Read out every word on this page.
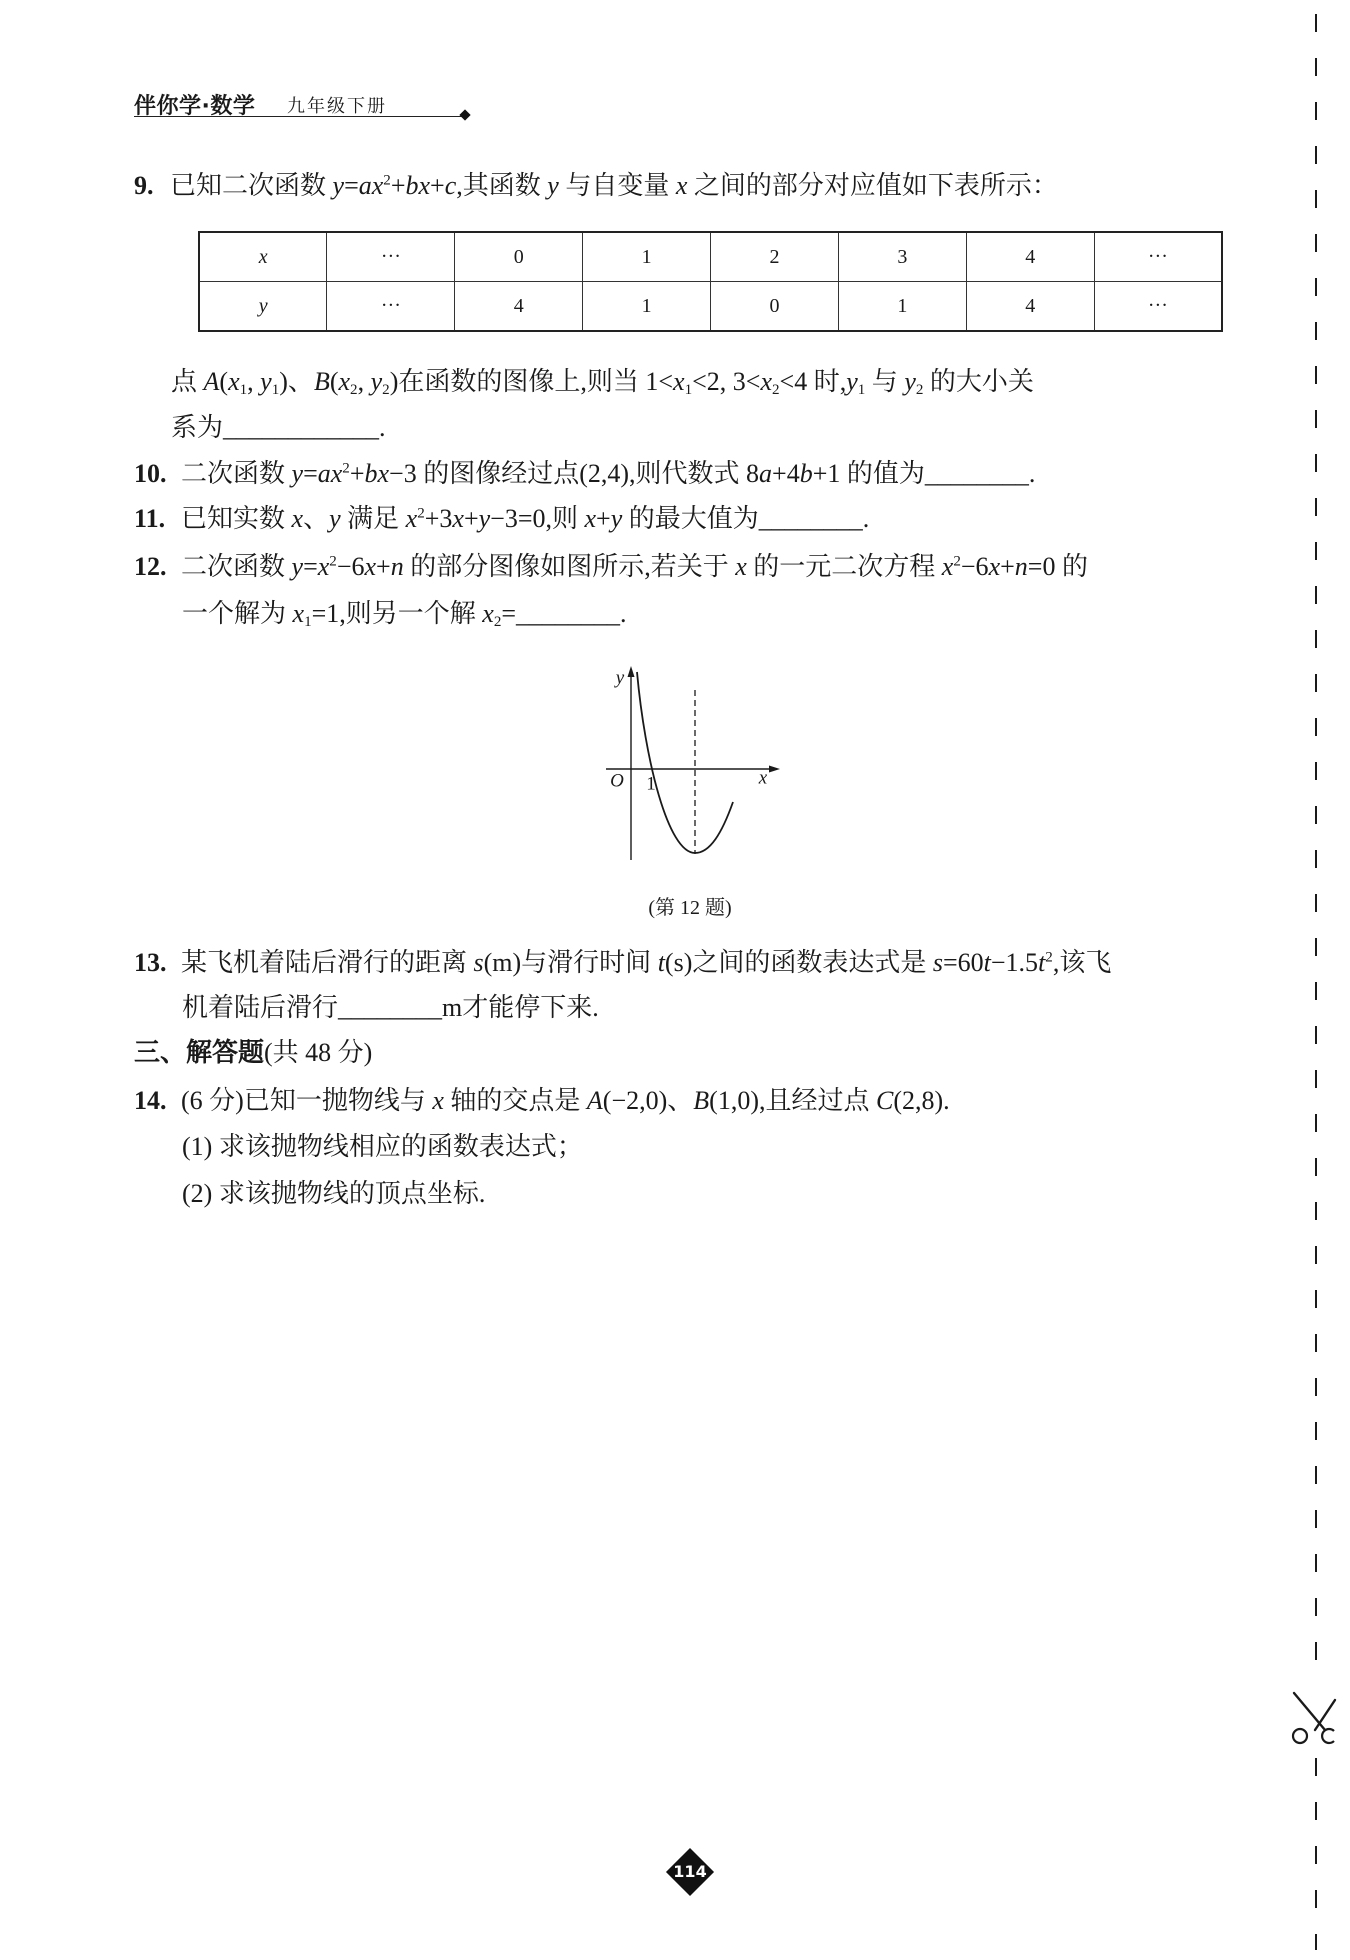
伴你学·数学 九年级下册
9. 已知二次函数 $y=ax^2+bx+c$,其函数 y 与自变量 x 之间的部分对应值如下表所示：
x	…	0	1	2	3	4	…
y	…	4	1	0	1	4	…
点 $A(x_1$, $y_1$)、$B(x_2$, $y_2$)在函数的图像上,则当 $1<x_1<2$, $3<x_2<4$ 时$,y_1$ 与 $y_2$ 的大小关
系为____________.
10. 二次函数 $y=ax^2+bx-3$ 的图像经过点(2,4),则代数式 8a+4b+1 的值为________.
11. 已知实数 x、y 满足 $x^2+3x+y-3=0$,则 x+y 的最大值为________.
12. 二次函数 $y=x^2-6x+n$ 的部分图像如图所示,若关于 x 的一元二次方程 $x^2-6x+n=0$ 的
一个解为 $x_1=1$,则另一个解 $x_2=\_\_\_\_\_\_\_\_$.
y
O 1	x
(第 12 题)
13. 某飞机着陆后滑行的距离 s(m)与滑行时间 t(s)之间的函数表达式是 $s=60t-1.5t^2$,该飞
机着陆后滑行________m才能停下来.
三、解答题(共 48 分)
14. (6 分)已知一抛物线与 x 轴的交点是 A(−2,0)、B(1,0),且经过点 C(2,8).
(1) 求该抛物线相应的函数表达式；
(2) 求该抛物线的顶点坐标.
114
